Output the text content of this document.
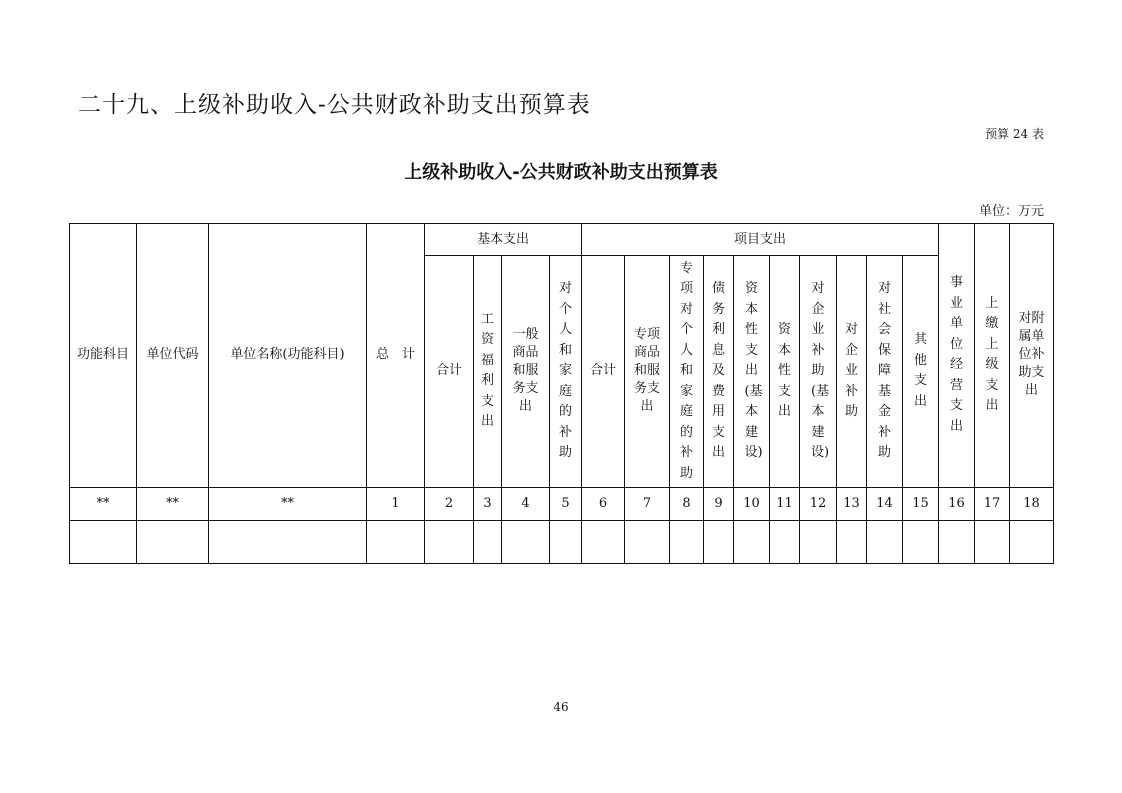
二十九、上级补助收入-公共财政补助支出预算表
预算 24 表
上级补助收入-公共财政补助支出预算表
单位：万元
功能科目	单位代码	单位名称(功能科目)	总　计	基本支出				项目支出										事业单位经营支出	上缴上级支出	对附属单位补助支出
				合计	工资福利支出	一般商品和服务支出	对个人和家庭的补助	合计	专项商品和服务支出	专项对个人和家庭的补助	债务利息及费用支出	资本性支出(基本建设)	资本性支出	对企业补助(基本建设)	对企业补助	对社会保障基金补助	其他支出			
**	**	**	1	2	3	4	5	6	7	8	9	10	11	12	13	14	15	16	17	18

46
